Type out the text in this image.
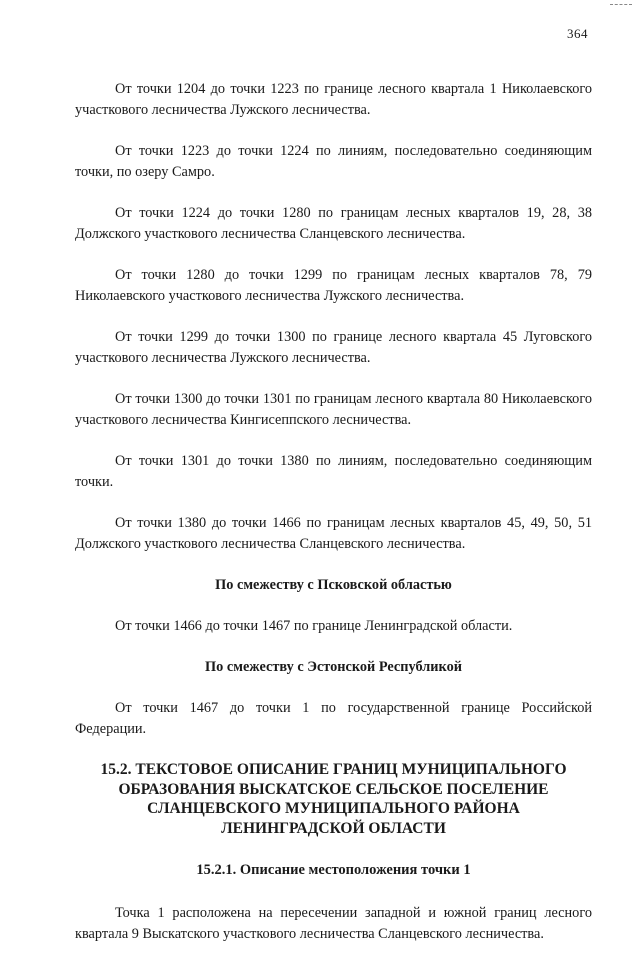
364

От точки 1204 до точки 1223 по границе лесного квартала 1 Николаевского участкового лесничества Лужского лесничества.

От точки 1223 до точки 1224 по линиям, последовательно соединяющим точки, по озеру Самро.

От точки 1224 до точки 1280 по границам лесных кварталов 19, 28, 38 Должского участкового лесничества Сланцевского лесничества.

От точки 1280 до точки 1299 по границам лесных кварталов 78, 79 Николаевского участкового лесничества Лужского лесничества.

От точки 1299 до точки 1300 по границе лесного квартала 45 Луговского участкового лесничества Лужского лесничества.

От точки 1300 до точки 1301 по границам лесного квартала 80 Николаевского участкового лесничества Кингисеппского лесничества.

От точки 1301 до точки 1380 по линиям, последовательно соединяющим точки.

От точки 1380 до точки 1466 по границам лесных кварталов 45, 49, 50, 51 Должского участкового лесничества Сланцевского лесничества.

По смежеству с Псковской областью

От точки 1466 до точки 1467 по границе Ленинградской области.

По смежеству с Эстонской Республикой

От точки 1467 до точки 1 по государственной границе Российской Федерации.

15.2. ТЕКСТОВОЕ ОПИСАНИЕ ГРАНИЦ МУНИЦИПАЛЬНОГО
ОБРАЗОВАНИЯ ВЫСКАТСКОЕ СЕЛЬСКОЕ ПОСЕЛЕНИЕ
СЛАНЦЕВСКОГО МУНИЦИПАЛЬНОГО РАЙОНА
ЛЕНИНГРАДСКОЙ ОБЛАСТИ

15.2.1. Описание местоположения точки 1

Точка 1 расположена на пересечении западной и южной границ лесного квартала 9 Выскатского участкового лесничества Сланцевского лесничества.
